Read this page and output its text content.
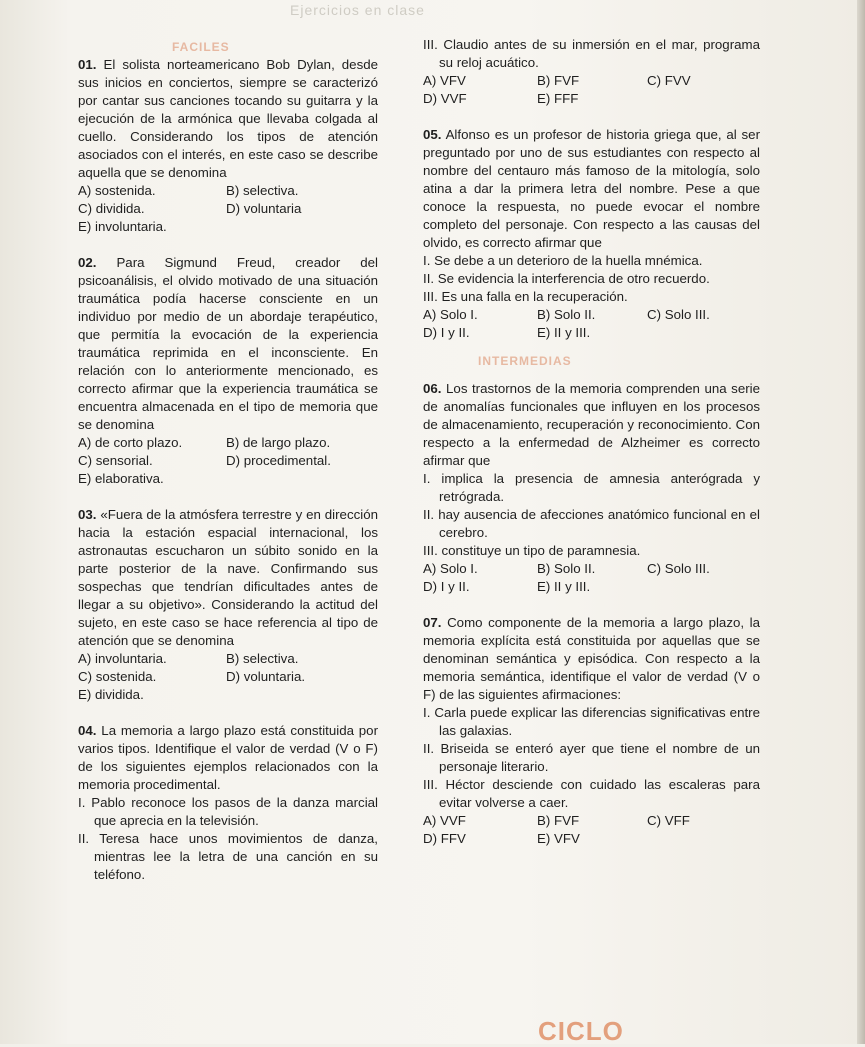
Ejercicios en clase
FACILES
01. El solista norteamericano Bob Dylan, desde sus inicios en conciertos, siempre se caracterizó por cantar sus canciones tocando su guitarra y la ejecución de la armónica que llevaba colgada al cuello. Considerando los tipos de atención asociados con el interés, en este caso se describe aquella que se denomina
A) sostenida.	B) selectiva.
C) dividida.	D) voluntaria
E) involuntaria.
02. Para Sigmund Freud, creador del psicoanálisis, el olvido motivado de una situación traumática podía hacerse consciente en un individuo por medio de un abordaje terapéutico, que permitía la evocación de la experiencia traumática reprimida en el inconsciente. En relación con lo anteriormente mencionado, es correcto afirmar que la experiencia traumática se encuentra almacenada en el tipo de memoria que se denomina
A) de corto plazo.	B) de largo plazo.
C) sensorial.	D) procedimental.
E) elaborativa.
03. «Fuera de la atmósfera terrestre y en dirección hacia la estación espacial internacional, los astronautas escucharon un súbito sonido en la parte posterior de la nave. Confirmando sus sospechas que tendrían dificultades antes de llegar a su objetivo». Considerando la actitud del sujeto, en este caso se hace referencia al tipo de atención que se denomina
A) involuntaria.	B) selectiva.
C) sostenida.	D) voluntaria.
E) dividida.
04. La memoria a largo plazo está constituida por varios tipos. Identifique el valor de verdad (V o F) de los siguientes ejemplos relacionados con la memoria procedimental.
I. Pablo reconoce los pasos de la danza marcial que aprecia en la televisión.
II. Teresa hace unos movimientos de danza, mientras lee la letra de una canción en su teléfono.
III. Claudio antes de su inmersión en el mar, programa su reloj acuático.
A) VFV	B) FVF	C) FVV
D) VVF	E) FFF
05. Alfonso es un profesor de historia griega que, al ser preguntado por uno de sus estudiantes con respecto al nombre del centauro más famoso de la mitología, solo atina a dar la primera letra del nombre. Pese a que conoce la respuesta, no puede evocar el nombre completo del personaje. Con respecto a las causas del olvido, es correcto afirmar que
I. Se debe a un deterioro de la huella mnémica.
II. Se evidencia la interferencia de otro recuerdo.
III. Es una falla en la recuperación.
A) Solo I.	B) Solo II.	C) Solo III.
D) I y II.	E) II y III.
INTERMEDIAS
06. Los trastornos de la memoria comprenden una serie de anomalías funcionales que influyen en los procesos de almacenamiento, recuperación y reconocimiento. Con respecto a la enfermedad de Alzheimer es correcto afirmar que
I. implica la presencia de amnesia anterógrada y retrógrada.
II. hay ausencia de afecciones anatómico funcional en el cerebro.
III. constituye un tipo de paramnesia.
A) Solo I.	B) Solo II.	C) Solo III.
D) I y II.	E) II y III.
07. Como componente de la memoria a largo plazo, la memoria explícita está constituida por aquellas que se denominan semántica y episódica. Con respecto a la memoria semántica, identifique el valor de verdad (V o F) de las siguientes afirmaciones:
I. Carla puede explicar las diferencias significativas entre las galaxias.
II. Briseida se enteró ayer que tiene el nombre de un personaje literario.
III. Héctor desciende con cuidado las escaleras para evitar volverse a caer.
A) VVF	B) FVF	C) VFF
D) FFV	E) VFV
CICLO
